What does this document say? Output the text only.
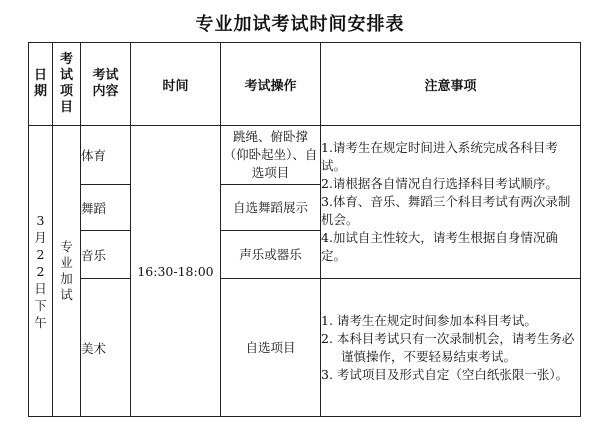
专业加试考试时间安排表
日期	考试项目	考试内容	时间	考试操作	注意事项
3月22日下午	专业加试	体育	16:30-18:00	跳绳、俯卧撑（仰卧起坐）、自选项目	1.请考生在规定时间进入系统完成各科目考试。

2.请根据各自情况自行选择科目考试顺序。

3.体育、音乐、舞蹈三个科目考试有两次录制机会。

4.加试自主性较大，请考生根据自身情况确定。

		舞蹈		自选舞蹈展示	
		音乐		声乐或器乐	
		美术		自选项目	1. 请考生在规定时间参加本科目考试。

2. 本科目考试只有一次录制机会，请考生务必谨慎操作，不要轻易结束考试。

3. 考试项目及形式自定（空白纸张限一张）。
